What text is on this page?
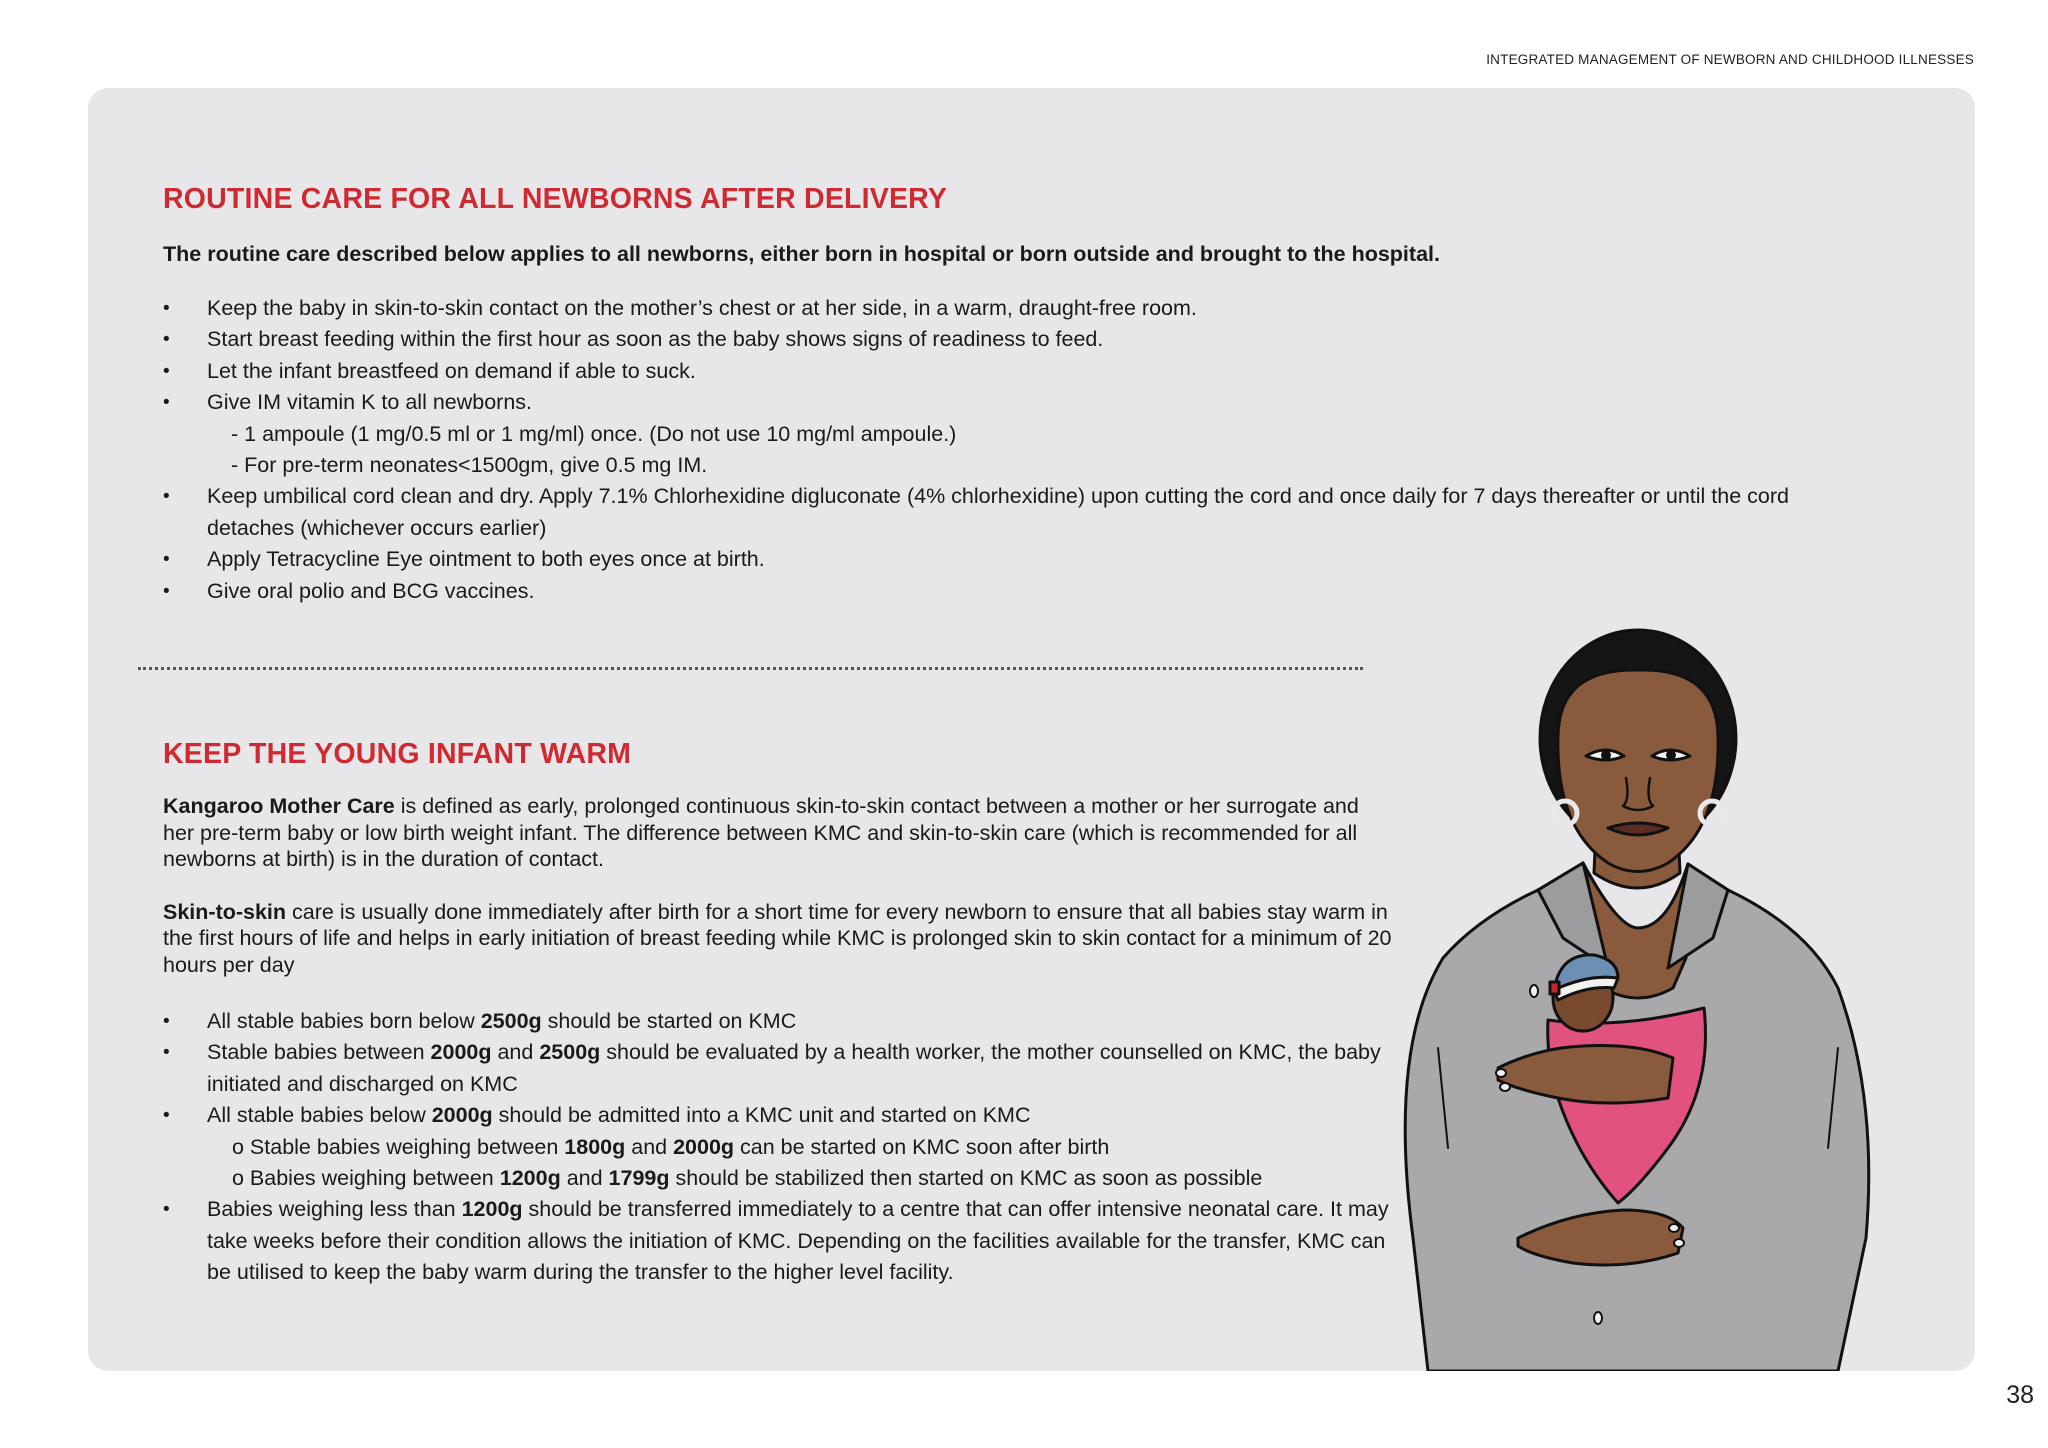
INTEGRATED MANAGEMENT OF NEWBORN AND CHILDHOOD ILLNESSES
ROUTINE CARE FOR ALL NEWBORNS AFTER DELIVERY

The routine care described below applies to all newborns, either born in hospital or born outside and brought to the hospital.

• Keep the baby in skin-to-skin contact on the mother’s chest or at her side, in a warm, draught-free room.
• Start breast feeding within the first hour as soon as the baby shows signs of readiness to feed.
• Let the infant breastfeed on demand if able to suck.
• Give IM vitamin K to all newborns.
- 1 ampoule (1 mg/0.5 ml or 1 mg/ml) once. (Do not use 10 mg/ml ampoule.)
- For pre-term neonates<1500gm, give 0.5 mg IM.
• Keep umbilical cord clean and dry. Apply 7.1% Chlorhexidine digluconate (4% chlorhexidine) upon cutting the cord and once daily for 7 days thereafter or until the cord detaches (whichever occurs earlier)
• Apply Tetracycline Eye ointment to both eyes once at birth.
• Give oral polio and BCG vaccines.
KEEP THE YOUNG INFANT WARM

Kangaroo Mother Care is defined as early, prolonged continuous skin-to-skin contact between a mother or her surrogate and her pre-term baby or low birth weight infant. The difference between KMC and skin-to-skin care (which is recommended for all newborns at birth) is in the duration of contact.

Skin-to-skin care is usually done immediately after birth for a short time for every newborn to ensure that all babies stay warm in the first hours of life and helps in early initiation of breast feeding while KMC is prolonged skin to skin contact for a minimum of 20 hours per day

• All stable babies born below 2500g should be started on KMC
• Stable babies between 2000g and 2500g should be evaluated by a health worker, the mother counselled on KMC, the baby initiated and discharged on KMC
• All stable babies below 2000g should be admitted into a KMC unit and started on KMC
o Stable babies weighing between 1800g and 2000g can be started on KMC soon after birth
o Babies weighing between 1200g and 1799g should be stabilized then started on KMC as soon as possible
• Babies weighing less than 1200g should be transferred immediately to a centre that can offer intensive neonatal care. It may take weeks before their condition allows the initiation of KMC. Depending on the facilities available for the transfer, KMC can be utilised to keep the baby warm during the transfer to the higher level facility.
38
